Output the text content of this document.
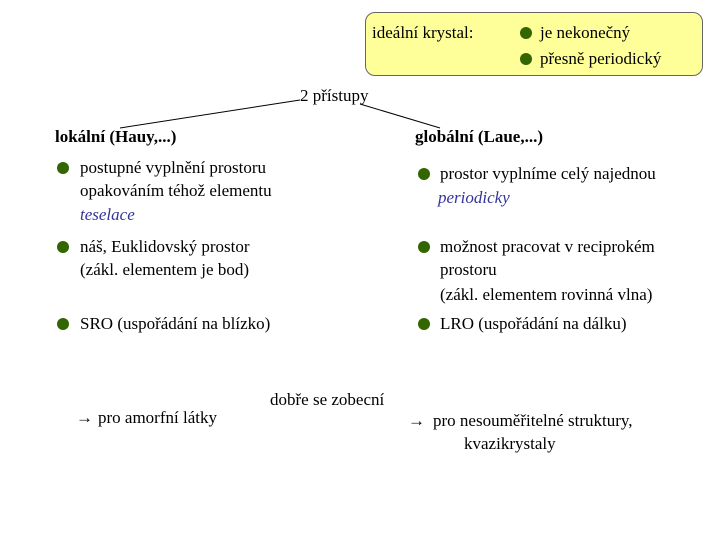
ideální krystal:	je nekonečný
přesně periodický
2 přístupy
lokální (Hauy,...)
postupné vyplnění prostoru
opakováním téhož elementu
teselace
náš, Euklidovský prostor
(zákl. elementem je bod)
SRO (uspořádání na blízko)
→ pro amorfní látky
dobře se zobecní
globální (Laue,...)
prostor vyplníme celý najednou
periodicky
možnost pracovat v reciprokém
prostoru
(zákl. elementem rovinná vlna)
LRO (uspořádání na dálku)
→ pro nesouměřitelné struktury,
kvazikrystaly
